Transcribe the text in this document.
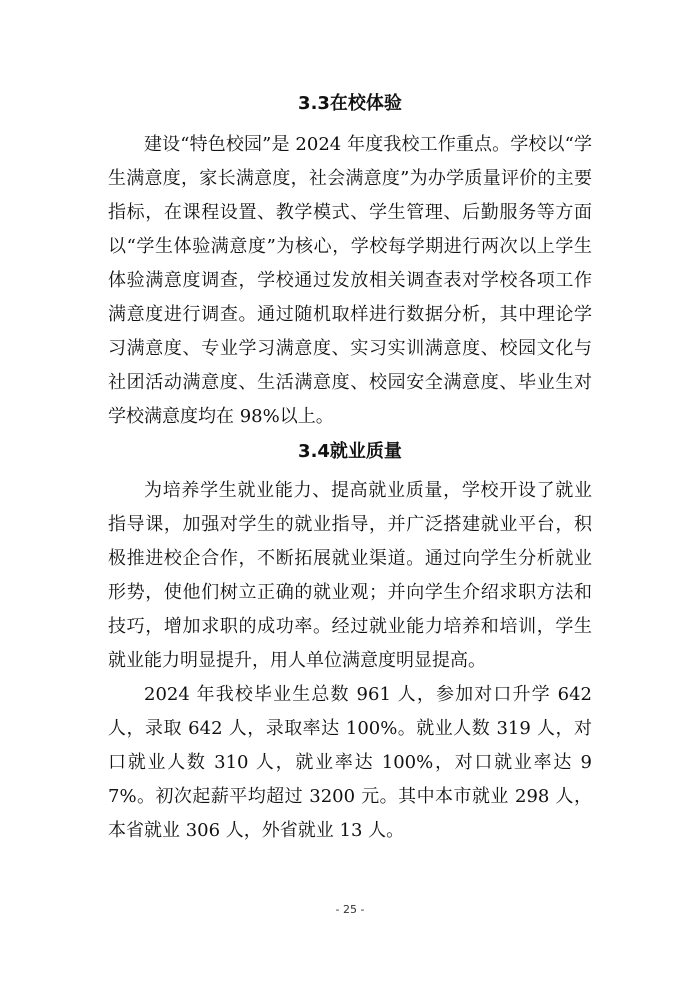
3.3在校体验

建设“特色校园”是 2024 年度我校工作重点。学校以“学生满意度，家长满意度，社会满意度”为办学质量评价的主要指标，在课程设置、教学模式、学生管理、后勤服务等方面以“学生体验满意度”为核心，学校每学期进行两次以上学生体验满意度调查，学校通过发放相关调查表对学校各项工作满意度进行调查。通过随机取样进行数据分析，其中理论学习满意度、专业学习满意度、实习实训满意度、校园文化与社团活动满意度、生活满意度、校园安全满意度、毕业生对学校满意度均在 98%以上。

3.4就业质量

为培养学生就业能力、提高就业质量，学校开设了就业指导课，加强对学生的就业指导，并广泛搭建就业平台，积极推进校企合作，不断拓展就业渠道。通过向学生分析就业形势，使他们树立正确的就业观；并向学生介绍求职方法和技巧，增加求职的成功率。经过就业能力培养和培训，学生就业能力明显提升，用人单位满意度明显提高。

2024 年我校毕业生总数 961 人，参加对口升学 642 人，录取 642 人，录取率达 100%。就业人数 319 人，对口就业人数 310 人，就业率达 100%，对口就业率达 97%。初次起薪平均超过 3200 元。其中本市就业 298 人，本省就业 306 人，外省就业 13 人。

- 25 -
